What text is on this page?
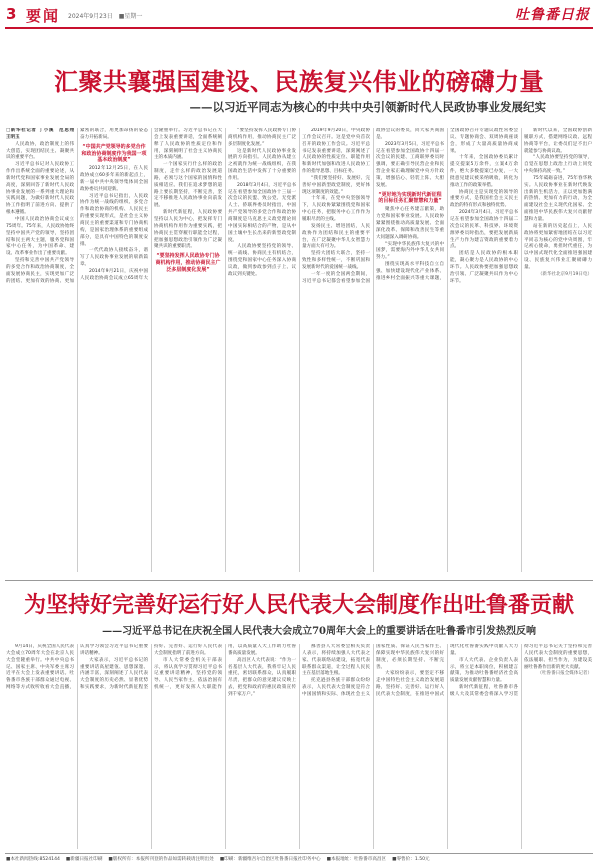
3 要闻 2024年9月23日　■星期一	吐鲁番日报
汇聚共襄强国建设、民族复兴伟业的磅礴力量
——以习近平同志为核心的中共中央引领新时代人民政协事业发展纪实

□新华社记者 丁小溪　范思翔　王明玉

人民政协，政治制度上的伟大创造，实现团结民主、凝聚共识的重要平台。

习近平总书记对人民政协工作作出系统全面的重要论述，从新时代党和国家事业发展全局的高度，深刻回答了新时代人民政协事业发展的一系列重大理论和实践问题，为做好新时代人民政协工作指明了前进方向、提供了根本遵循。

中国人民政治协商会议成立75周年。75年来，人民政协始终坚持中国共产党的领导，坚持团结和民主两大主题，服务党和国家中心任务，为中国革命、建设、改革事业作出了重要贡献。

坚持和完善中国共产党领导的多党合作和政治协商制度，全面发展协商民主，实现更加广泛的团结、更加有效的协商、更加紧密的联合，用更加昂扬的姿态奋力开拓新局。

“中国共产党领导的多党合作和政治协商制度作为我国一项基本政治制度”

2012年12月25日，在人民政协成立60多年来的新起点上，新一届中共中央领导集体同全国政协委员共同迎新。

习近平总书记指出，人民政协作为统一战线的组织、多党合作和政治协商的机构、人民民主的重要实现形式，是社会主义协商民主的重要渠道和专门协商机构，是国家治理体系的重要组成部分，是具有中国特色的制度安排。

一代代政协人接续奋斗，谱写了人民政协事业发展的崭新篇章。

2014年9月21日，庆祝中国人民政治协商会议成立65周年大会隆重举行。习近平总书记在大会上发表重要讲话，全面系统阐释了人民政协的性质定位和作用，深刻阐明了社会主义协商民主的本质内涵。

一个国家实行什么样的政治制度，走什么样的政治发展道路，必须与这个国家的国情和性质相适应。我们在追求梦想的道路上要长期坚持，不断完善，坚定不移推进人民政协事业向前发展。

新时代新征程，人民政协要坚持以人民为中心，把发挥专门协商机构作用作为重要实践，把协商民主贯穿履行职能全过程，把加强思想政治引领作为广泛凝聚共识的重要职责。

“要坚持发挥人民政协专门协商机构作用，推动协商民主广泛多层制度化发展”

“要坚持发挥人民政协专门协商机构作用，推动协商民主广泛多层制度化发展。”

这是新时代人民政协事业发展的方向指引。人民政协从建立之初就作为统一战线组织，在我国政治生活中发挥了十分重要的作用。

2018年3月4日，习近平总书记在看望参加全国政协十三届一次会议的民盟、致公党、无党派人士、侨联界委员时指出，中国共产党领导的多党合作和政治协商制度是马克思主义政党理论同中国实际相结合的产物，是从中国土壤中生长出来的新型政党制度。

人民政协要坚持党的领导、统一战线、协商民主有机结合，围绕党和国家中心任务深入协商议政，做到参政参到点子上、议政议到关键处。

2019年9月20日，中央政协工作会议召开。这是党中央首次召开的政协工作会议。习近平总书记发表重要讲话，深刻阐述了人民政协的性质定位、职能作用和新时代加强和改进人民政协工作的指导思想、目标任务。

“我们要坚持好、发展好、完善好中国新型政党制度，更好体现这项制度的效能。”

十年来，在党中央坚强领导下，人民政协紧紧围绕党和国家中心任务，把服务中心工作作为履职尽责的主线。

发扬民主、增进团结，人民政协作为团结和民主的重要平台，在广泛凝聚中华儿女智慧力量方面大有可为。

坚持大团结大联合，坚持一致性和多样性统一，不断巩固和发展新时代的爱国统一战线。

一年一度的全国两会期间，习近平总书记都会看望参加全国政协会议的委员，同大家共商国是。

2023年3月5日，习近平总书记在看望参加全国政协十四届一次会议的民建、工商联界委员时强调，要正确引导民营企业和民营企业家正确理解党中央方针政策，增强信心、轻装上阵、大胆发展。

“更好地为实现新时代新征程的目标任务汇聚智慧和力量”

聚焦中心任务建言献策，助力党和国家事业发展。人民政协紧紧围绕推动高质量发展、全面深化改革、保障和改善民生等重大问题深入调研协商。

“实现中华民族伟大复兴的中国梦，需要海内外中华儿女共同努力。”

围绕实现高水平科技自立自强、加快建设现代化产业体系、推进乡村全面振兴等重大课题，全国政协召开专题议政性常委会议、专题协商会、双周协商座谈会，形成了大量高质量协商成果。

十年来，全国政协委员累计提交提案5万余件，立案4万余件，绝大多数提案已办复，一大批意见建议被采纳吸收，转化为推动工作的政策举措。

协商民主是实现党的领导的重要方式，是我国社会主义民主政治的特有形式和独特优势。

2024年3月4日，习近平总书记在看望参加全国政协十四届二次会议的民革、科技界、环境资源界委员时指出，要把发展新质生产力作为建言资政的重要着力点。

团结是人民政协的根本职能，凝心聚力是人民政协的中心环节。人民政协要把加强思想政治引领、广泛凝聚共识作为中心环节。

新时代以来，全国政协创新履职方式，搭建网络议政、远程协商等平台，让委员们足不出户就能参与协商议政。

“人民政协要坚持党的领导，自觉在思想上政治上行动上同党中央保持高度一致。”

75年砥砺奋进，75年春华秋实。人民政协事业在新时代焕发出新的生机活力，正以更加饱满的热情、更加有力的行动，为全面建设社会主义现代化国家、全面推进中华民族伟大复兴贡献智慧和力量。

站在新的历史起点上，人民政协将更加紧密地团结在以习近平同志为核心的党中央周围，牢记初心使命，勇担时代重任，为以中国式现代化全面推进强国建设、民族复兴伟业汇聚磅礴力量。

（新华社北京9月19日电）

为坚持好完善好运行好人民代表大会制度作出吐鲁番贡献
——习近平总书记在庆祝全国人民代表大会成立70周年大会上的重要讲话在吐鲁番市引发热烈反响

9月14日，庆祝全国人民代表大会成立70周年大会在北京人民大会堂隆重举行。中共中央总书记、国家主席、中央军委主席习近平在大会上发表重要讲话。吐鲁番市各族干部群众通过电视、网络等方式收听收看大会直播，认真学习领会习近平总书记重要讲话精神。

大家表示，习近平总书记的重要讲话高屋建瓴、思想深邃、内涵丰富，深刻阐述了人民代表大会制度的历史必然、显著优势和实践要求，为新时代新征程坚持好、完善好、运行好人民代表大会制度指明了前进方向。

市人大常委会机关干部表示，将认真学习贯彻习近平总书记重要讲话精神，坚持党的领导、人民当家作主、依法治国有机统一，更好发挥人大职能作用，以高质量人大工作助力吐鲁番高质量发展。

高昌区人大代表说：“作为一名基层人大代表，我将牢记人民重托，密切联系群众，认真履职尽责，把群众的意见建议反映上去，把党和政府的惠民政策宣传到千家万户。”

鄯善县人大常委会相关负责人表示，将持续加强人大代表之家、代表联络站建设，拓宽代表联系群众渠道，让全过程人民民主在基层落地生根。

托克逊县各族干部群众纷纷表示，人民代表大会制度是符合中国国情和实际、体现社会主义国家性质、保证人民当家作主、保障实现中华民族伟大复兴的好制度，必须长期坚持、不断完善。

大家纷纷表示，要坚定不移走中国特色社会主义政治发展道路，坚持好、完善好、运行好人民代表大会制度，在推进中国式现代化吐鲁番实践中贡献人大力量。

市人大代表、企业负责人表示，将立足本职岗位，积极建言献策，为推动吐鲁番经济社会高质量发展贡献智慧和力量。

新时代新征程，吐鲁番市各级人大及其常委会将深入学习贯彻习近平总书记关于坚持和完善人民代表大会制度的重要思想，依法履职、担当作为，为建设美丽吐鲁番作出新的更大贡献。

（吐鲁番日报全媒体记者）

■本社新闻热线:8524144 ■新疆日报社印刷 ■版权所有：本报所刊登的作品如需转载请注明出处 ■印刷：新疆维吾尔自治区吐鲁番日报社印务中心 ■本报地址：吐鲁番市高昌区 ■零售价：1.50元
